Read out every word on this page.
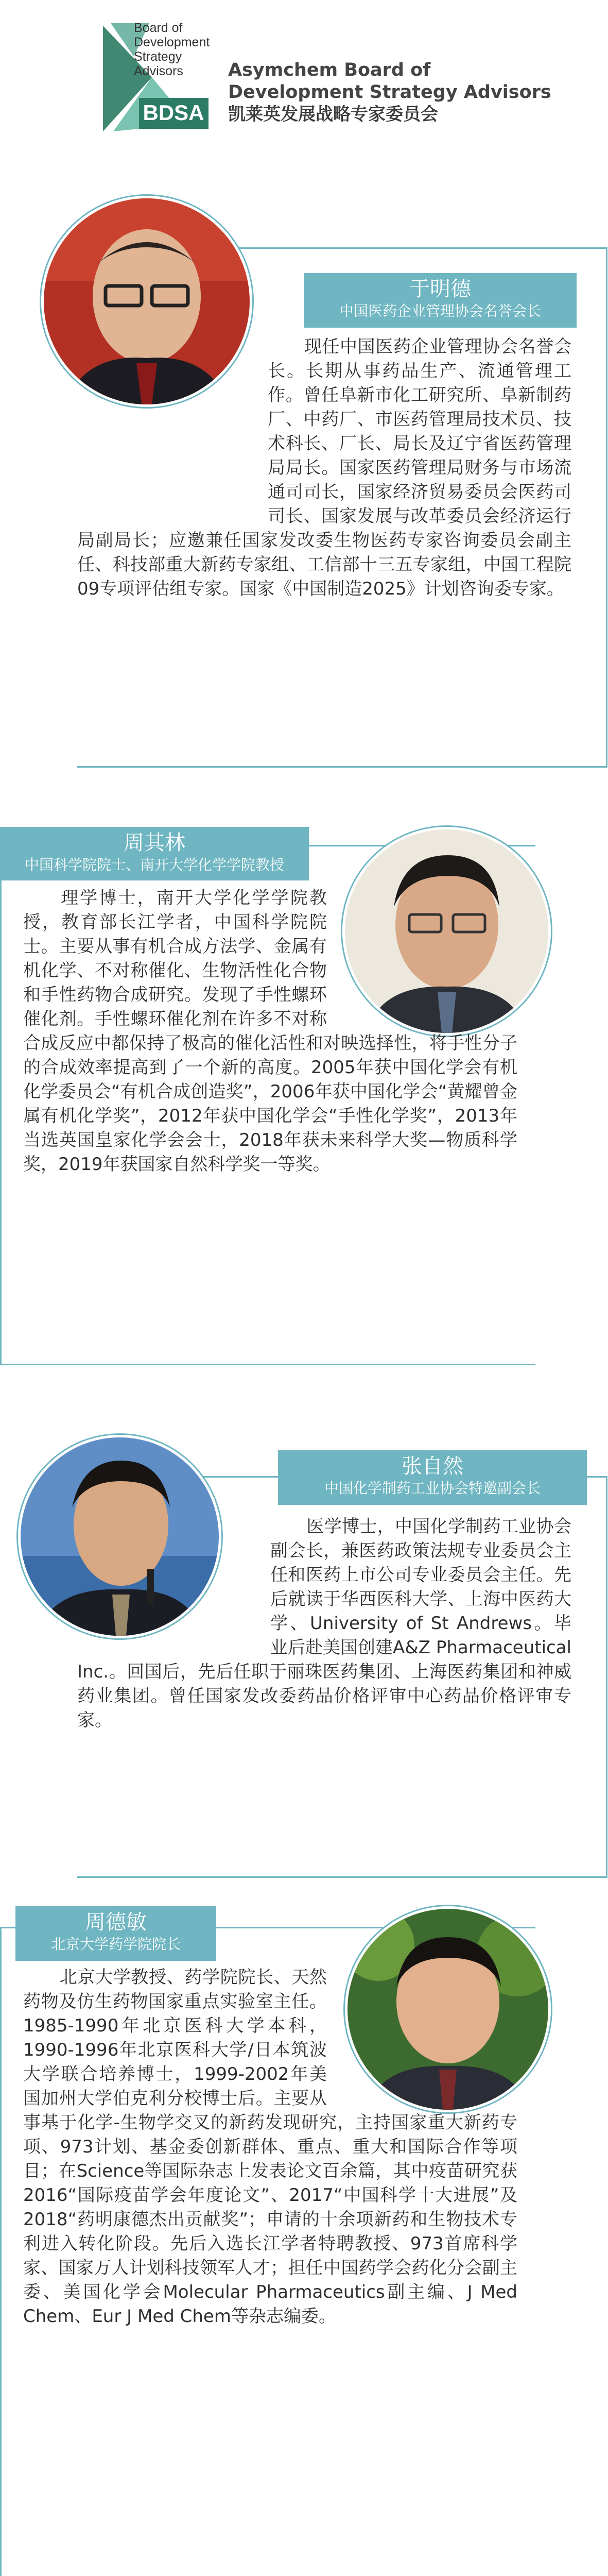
BDSA
Board of
Development
Strategy
Advisors Asymchem Board of
Development Strategy Advisors
凯莱英发展战略专家委员会
于明德
中国医药企业管理协会名誉会长
现任中国医药企业管理协会名誉会长。长期从事药品生产、流通管理工作。曾任阜新市化工研究所、阜新制药厂、中药厂、市医药管理局技术员、技术科长、厂长、局长及辽宁省医药管理局局长。国家医药管理局财务与市场流通司司长，国家经济贸易委员会医药司司长、国家发展与改革委员会经济运行局副局长；应邀兼任国家发改委生物医药专家咨询委员会副主任、科技部重大新药专家组、工信部十三五专家组，中国工程院09专项评估组专家。国家《中国制造2025》计划咨询委专家。
周其林
中国科学院院士、南开大学化学学院教授
理学博士，南开大学化学学院教授，教育部长江学者，中国科学院院士。主要从事有机合成方法学、金属有机化学、不对称催化、生物活性化合物和手性药物合成研究。发现了手性螺环催化剂。手性螺环催化剂在许多不对称合成反应中都保持了极高的催化活性和对映选择性，将手性分子的合成效率提高到了一个新的高度。2005年获中国化学会有机化学委员会“有机合成创造奖”，2006年获中国化学会“黄耀曾金属有机化学奖”，2012年获中国化学会“手性化学奖”，2013年当选英国皇家化学会会士，2018年获未来科学大奖—物质科学奖，2019年获国家自然科学奖一等奖。
张自然
中国化学制药工业协会特邀副会长
医学博士，中国化学制药工业协会副会长，兼医药政策法规专业委员会主任和医药上市公司专业委员会主任。先后就读于华西医科大学、上海中医药大学、University of St Andrews。毕业后赴美国创建A&Z Pharmaceutical Inc.。回国后，先后任职于丽珠医药集团、上海医药集团和神威药业集团。曾任国家发改委药品价格评审中心药品价格评审专家。
周德敏
北京大学药学院院长
北京大学教授、药学院院长、天然药物及仿生药物国家重点实验室主任。1985-1990年北京医科大学本科，1990-1996年北京医科大学/日本筑波大学联合培养博士，1999-2002年美国加州大学伯克利分校博士后。主要从事基于化学-生物学交叉的新药发现研究，主持国家重大新药专项、973计划、基金委创新群体、重点、重大和国际合作等项目；在Science等国际杂志上发表论文百余篇，其中疫苗研究获2016“国际疫苗学会年度论文”、2017“中国科学十大进展”及2018“药明康德杰出贡献奖”；申请的十余项新药和生物技术专利进入转化阶段。先后入选长江学者特聘教授、973首席科学家、国家万人计划科技领军人才；担任中国药学会药化分会副主委、美国化学会Molecular Pharmaceutics副主编、J Med Chem、Eur J Med Chem等杂志编委。
